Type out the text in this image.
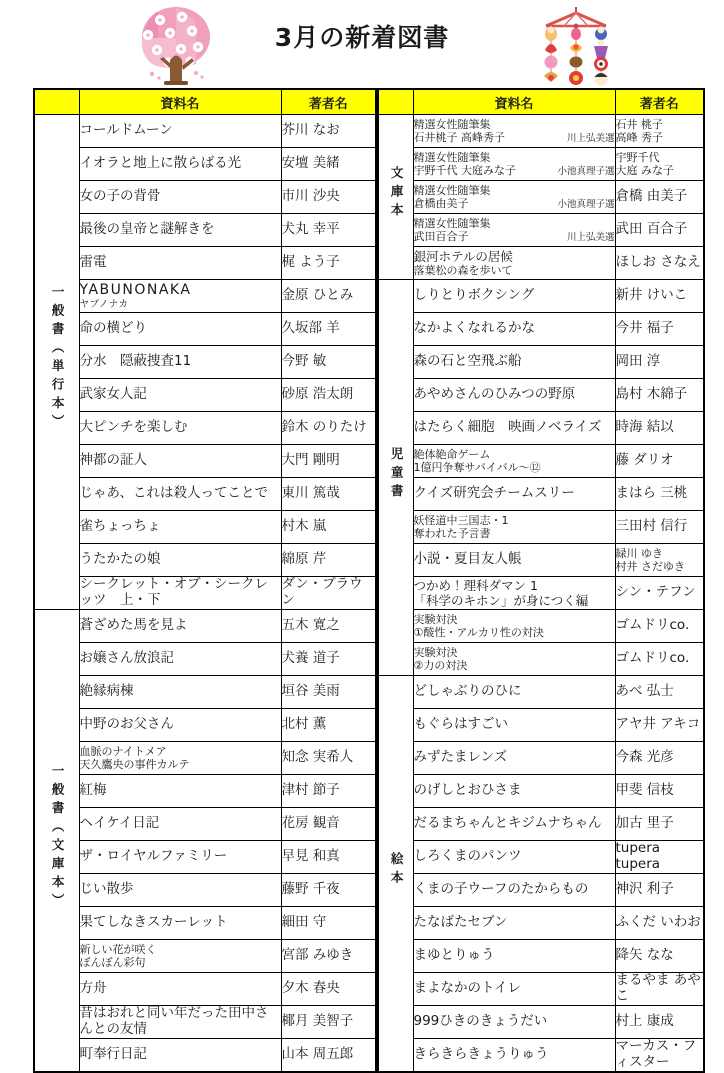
3月の新着図書
	資料名	著者名
一般書（単行本）	コールドムーン	芥川 なお
	イオラと地上に散らばる光	安壇 美緒
	女の子の背骨	市川 沙央
	最後の皇帝と謎解きを	犬丸 幸平
	雷電	梶 よう子

	YABUNONAKA
ヤブノナカ	金原 ひとみ
	命の横どり	久坂部 羊
	分水　隠蔽捜査11	今野 敏
	武家女人記	砂原 浩太朗
	大ピンチを楽しむ	鈴木 のりたけ
	神都の証人	大門 剛明
	じゃあ、これは殺人ってことで	東川 篤哉
	雀ちょっちょ	村木 嵐
	うたかたの娘	綿原 芹
	シークレット・オブ・シークレッツ　上・下	ダン・ブラウン
一般書（文庫本）	蒼ざめた馬を見よ	五木 寛之
	お嬢さん放浪記	犬養 道子
	絶縁病棟	垣谷 美雨
	中野のお父さん	北村 薫

	血脈のナイトメア
天久鷹央の事件カルテ	知念 実希人
	紅梅	津村 節子
	ヘイケイ日記	花房 観音
	ザ・ロイヤルファミリー	早見 和真
	じい散歩	藤野 千夜
	果てしなきスカーレット	細田 守

	新しい花が咲く
ぼんぼん彩句	宮部 みゆき
	方舟	夕木 春央
	昔はおれと同い年だった田中さんとの友情	椰月 美智子
	町奉行日記	山本 周五郎
	資料名	著者名
文庫本	精選女性随筆集
石井桃子 高峰秀子 川上弘美選	石井 桃子
高峰 秀子

	精選女性随筆集
宇野千代 大庭みな子 小池真理子選	宇野千代
大庭 みな子

	精選女性随筆集
倉橋由美子 小池真理子選	倉橋 由美子

	精選女性随筆集
武田百合子 川上弘美選	武田 百合子

	銀河ホテルの居候
落葉松の森を歩いて	ほしお さなえ
児童書	しりとりボクシング	新井 けいこ
	なかよくなれるかな	今井 福子
	森の石と空飛ぶ船	岡田 淳
	あやめさんのひみつの野原	島村 木綿子
	はたらく細胞　映画ノベライズ	時海 結以

	絶体絶命ゲーム
1億円争奪サバイバル～⑫	藤 ダリオ
	クイズ研究会チームスリー	まはら 三桃

	妖怪道中三国志・1
奪われた予言書	三田村 信行
	小説・夏目友人帳	緑川 ゆき
村井 さだゆき

	つかめ！理科ダマン 1
「科学のキホン」が身につく編	シン・テフン

	実験対決
①酸性・アルカリ性の対決	ゴムドリco.

	実験対決
②力の対決	ゴムドリco.
絵本	どしゃぶりのひに	あべ 弘士
	もぐらはすごい	アヤ井 アキコ
	みずたまレンズ	今森 光彦
	のげしとおひさま	甲斐 信枝
	だるまちゃんとキジムナちゃん	加古 里子
	しろくまのパンツ	tupera tupera
	くまの子ウーフのたからもの	神沢 利子
	たなばたセブン	ふくだ いわお
	まゆとりゅう	降矢 なな
	まよなかのトイレ	まるやま あやこ
	999ひきのきょうだい	村上 康成
	きらきらきょうりゅう	マーカス・フィスター
